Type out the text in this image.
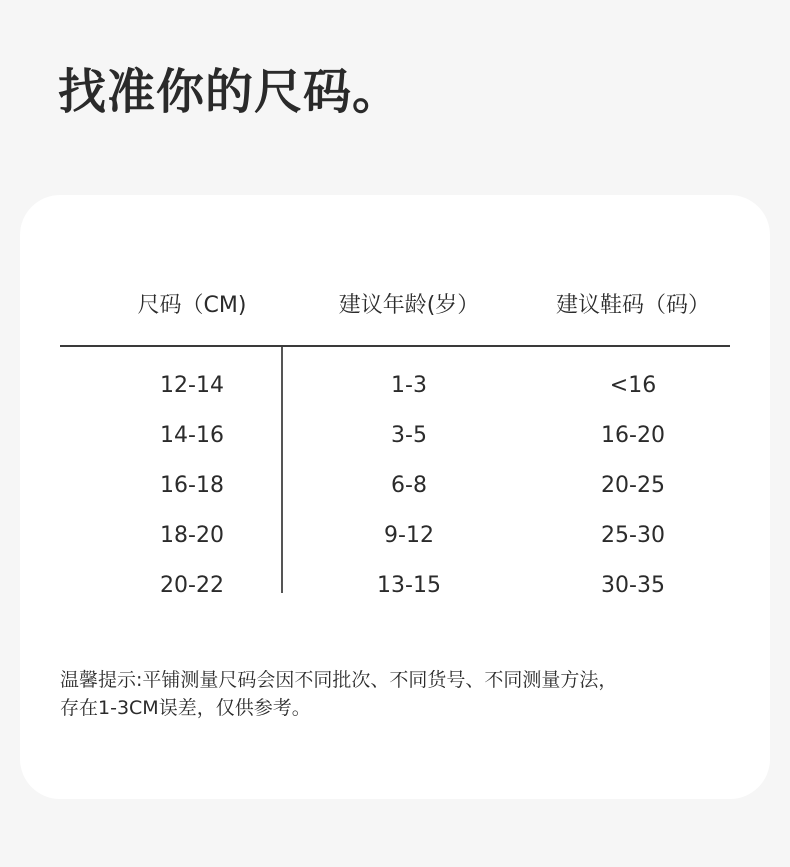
找准你的尺码。
尺码（CM)	建议年龄(岁）	建议鞋码（码）
12-14	1-3	<16
14-16	3-5	16-20
16-18	6-8	20-25
18-20	9-12	25-30
20-22	13-15	30-35

温馨提示:平铺测量尺码会因不同批次、不同货号、不同测量方法，
存在1-3CM误差，仅供参考。
